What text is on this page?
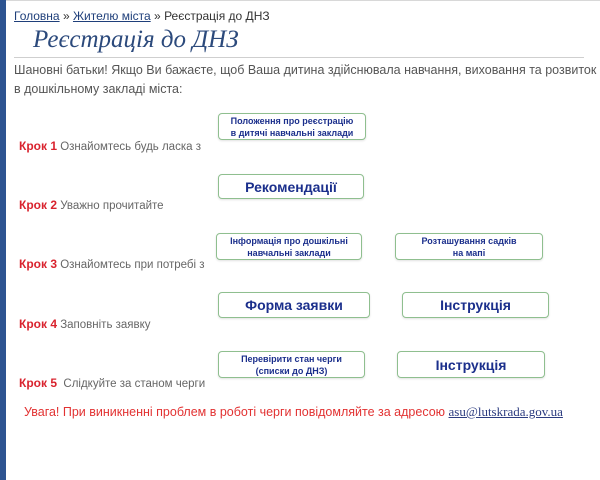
Головна » Жителю міста » Реєстрація до ДНЗ
Реєстрація до ДНЗ
Шановні батьки! Якщо Ви бажаєте, щоб Ваша дитина здійснювала навчання, виховання та розвиток в дошкільному закладі міста:
Крок 1 Ознайомтесь будь ласка з
Крок 2 Уважно прочитайте
Крок 3 Ознайомтесь при потребі з
Крок 4 Заповніть заявку
Крок 5  Слідкуйте за станом черги
Положення про реєстрацію
в дитячі навчальні заклади
Рекомендації
Інформація про дошкільні
навчальні заклади
Розташування садків
на мапі
Форма заявки	Інструкція
Перевірити стан черги
(списки до ДНЗ)	Інструкція
Увага! При виникненні проблем в роботі черги повідомляйте за адресою asu@lutskrada.gov.ua
